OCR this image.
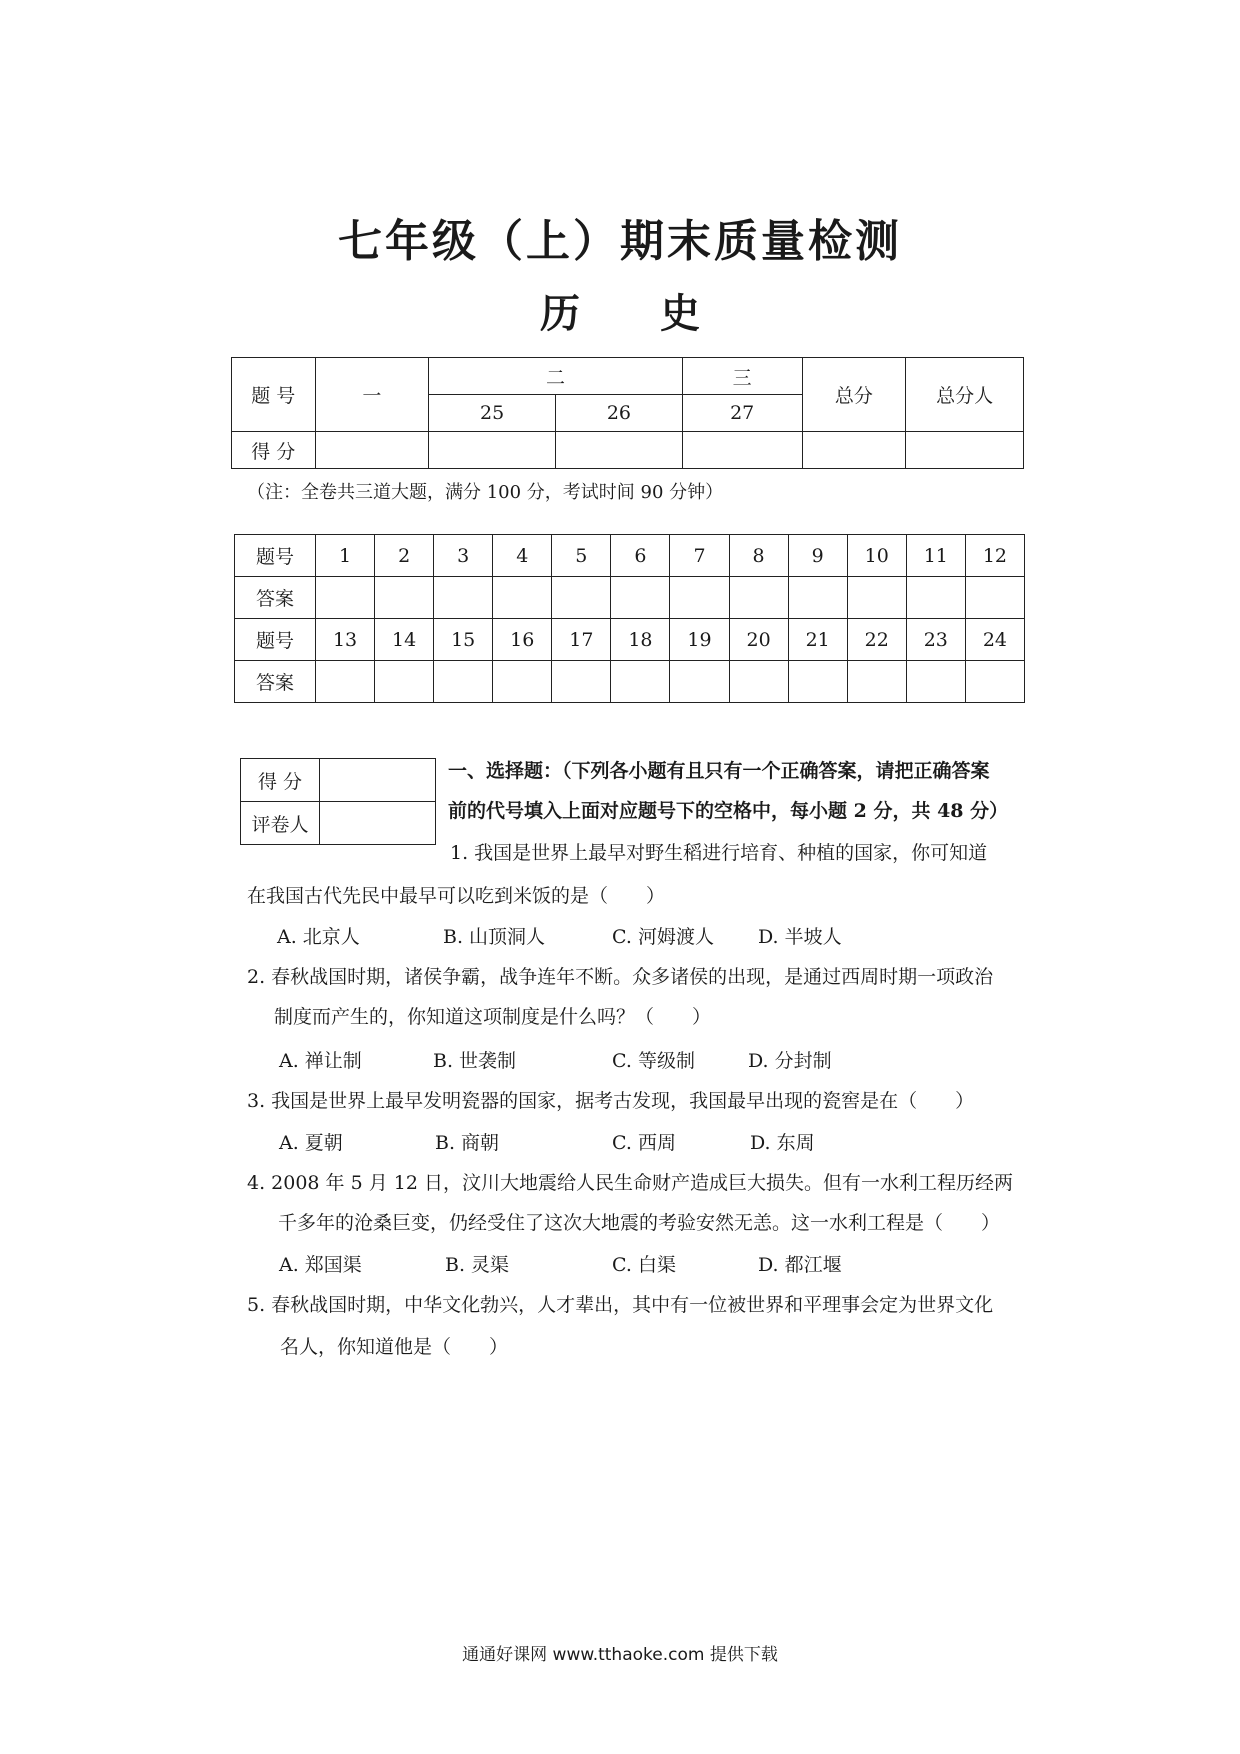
七年级（上）期末质量检测
历　　史
题 号	一	二		三	总分	总分人
		25	26	27		
得 分						
（注：全卷共三道大题，满分 100 分，考试时间 90 分钟）
题号	1	2	3	4	5	6	7	8	9	10	11	12
答案												
题号	13	14	15	16	17	18	19	20	21	22	23	24
答案												
得 分	
评卷人	
一、选择题：（下列各小题有且只有一个正确答案，请把正确答案
前的代号填入上面对应题号下的空格中，每小题 2 分，共 48 分）
1. 我国是世界上最早对野生稻进行培育、种植的国家，你可知道
在我国古代先民中最早可以吃到米饭的是（　　）
A. 北京人	B. 山顶洞人	C. 河姆渡人 D. 半坡人
2. 春秋战国时期，诸侯争霸，战争连年不断。众多诸侯的出现，是通过西周时期一项政治
制度而产生的，你知道这项制度是什么吗？（　　）
A. 禅让制	B. 世袭制	C. 等级制	D. 分封制
3. 我国是世界上最早发明瓷器的国家，据考古发现，我国最早出现的瓷窖是在（　　）
A. 夏朝	B. 商朝	C. 西周	D. 东周
4. 2008 年 5 月 12 日，汶川大地震给人民生命财产造成巨大损失。但有一水利工程历经两
千多年的沧桑巨变，仍经受住了这次大地震的考验安然无恙。这一水利工程是（　　）
A. 郑国渠	B. 灵渠	C. 白渠	D. 都江堰
5. 春秋战国时期，中华文化勃兴，人才辈出，其中有一位被世界和平理事会定为世界文化
名人，你知道他是（　　）
通通好课网 www.tthaoke.com 提供下载
